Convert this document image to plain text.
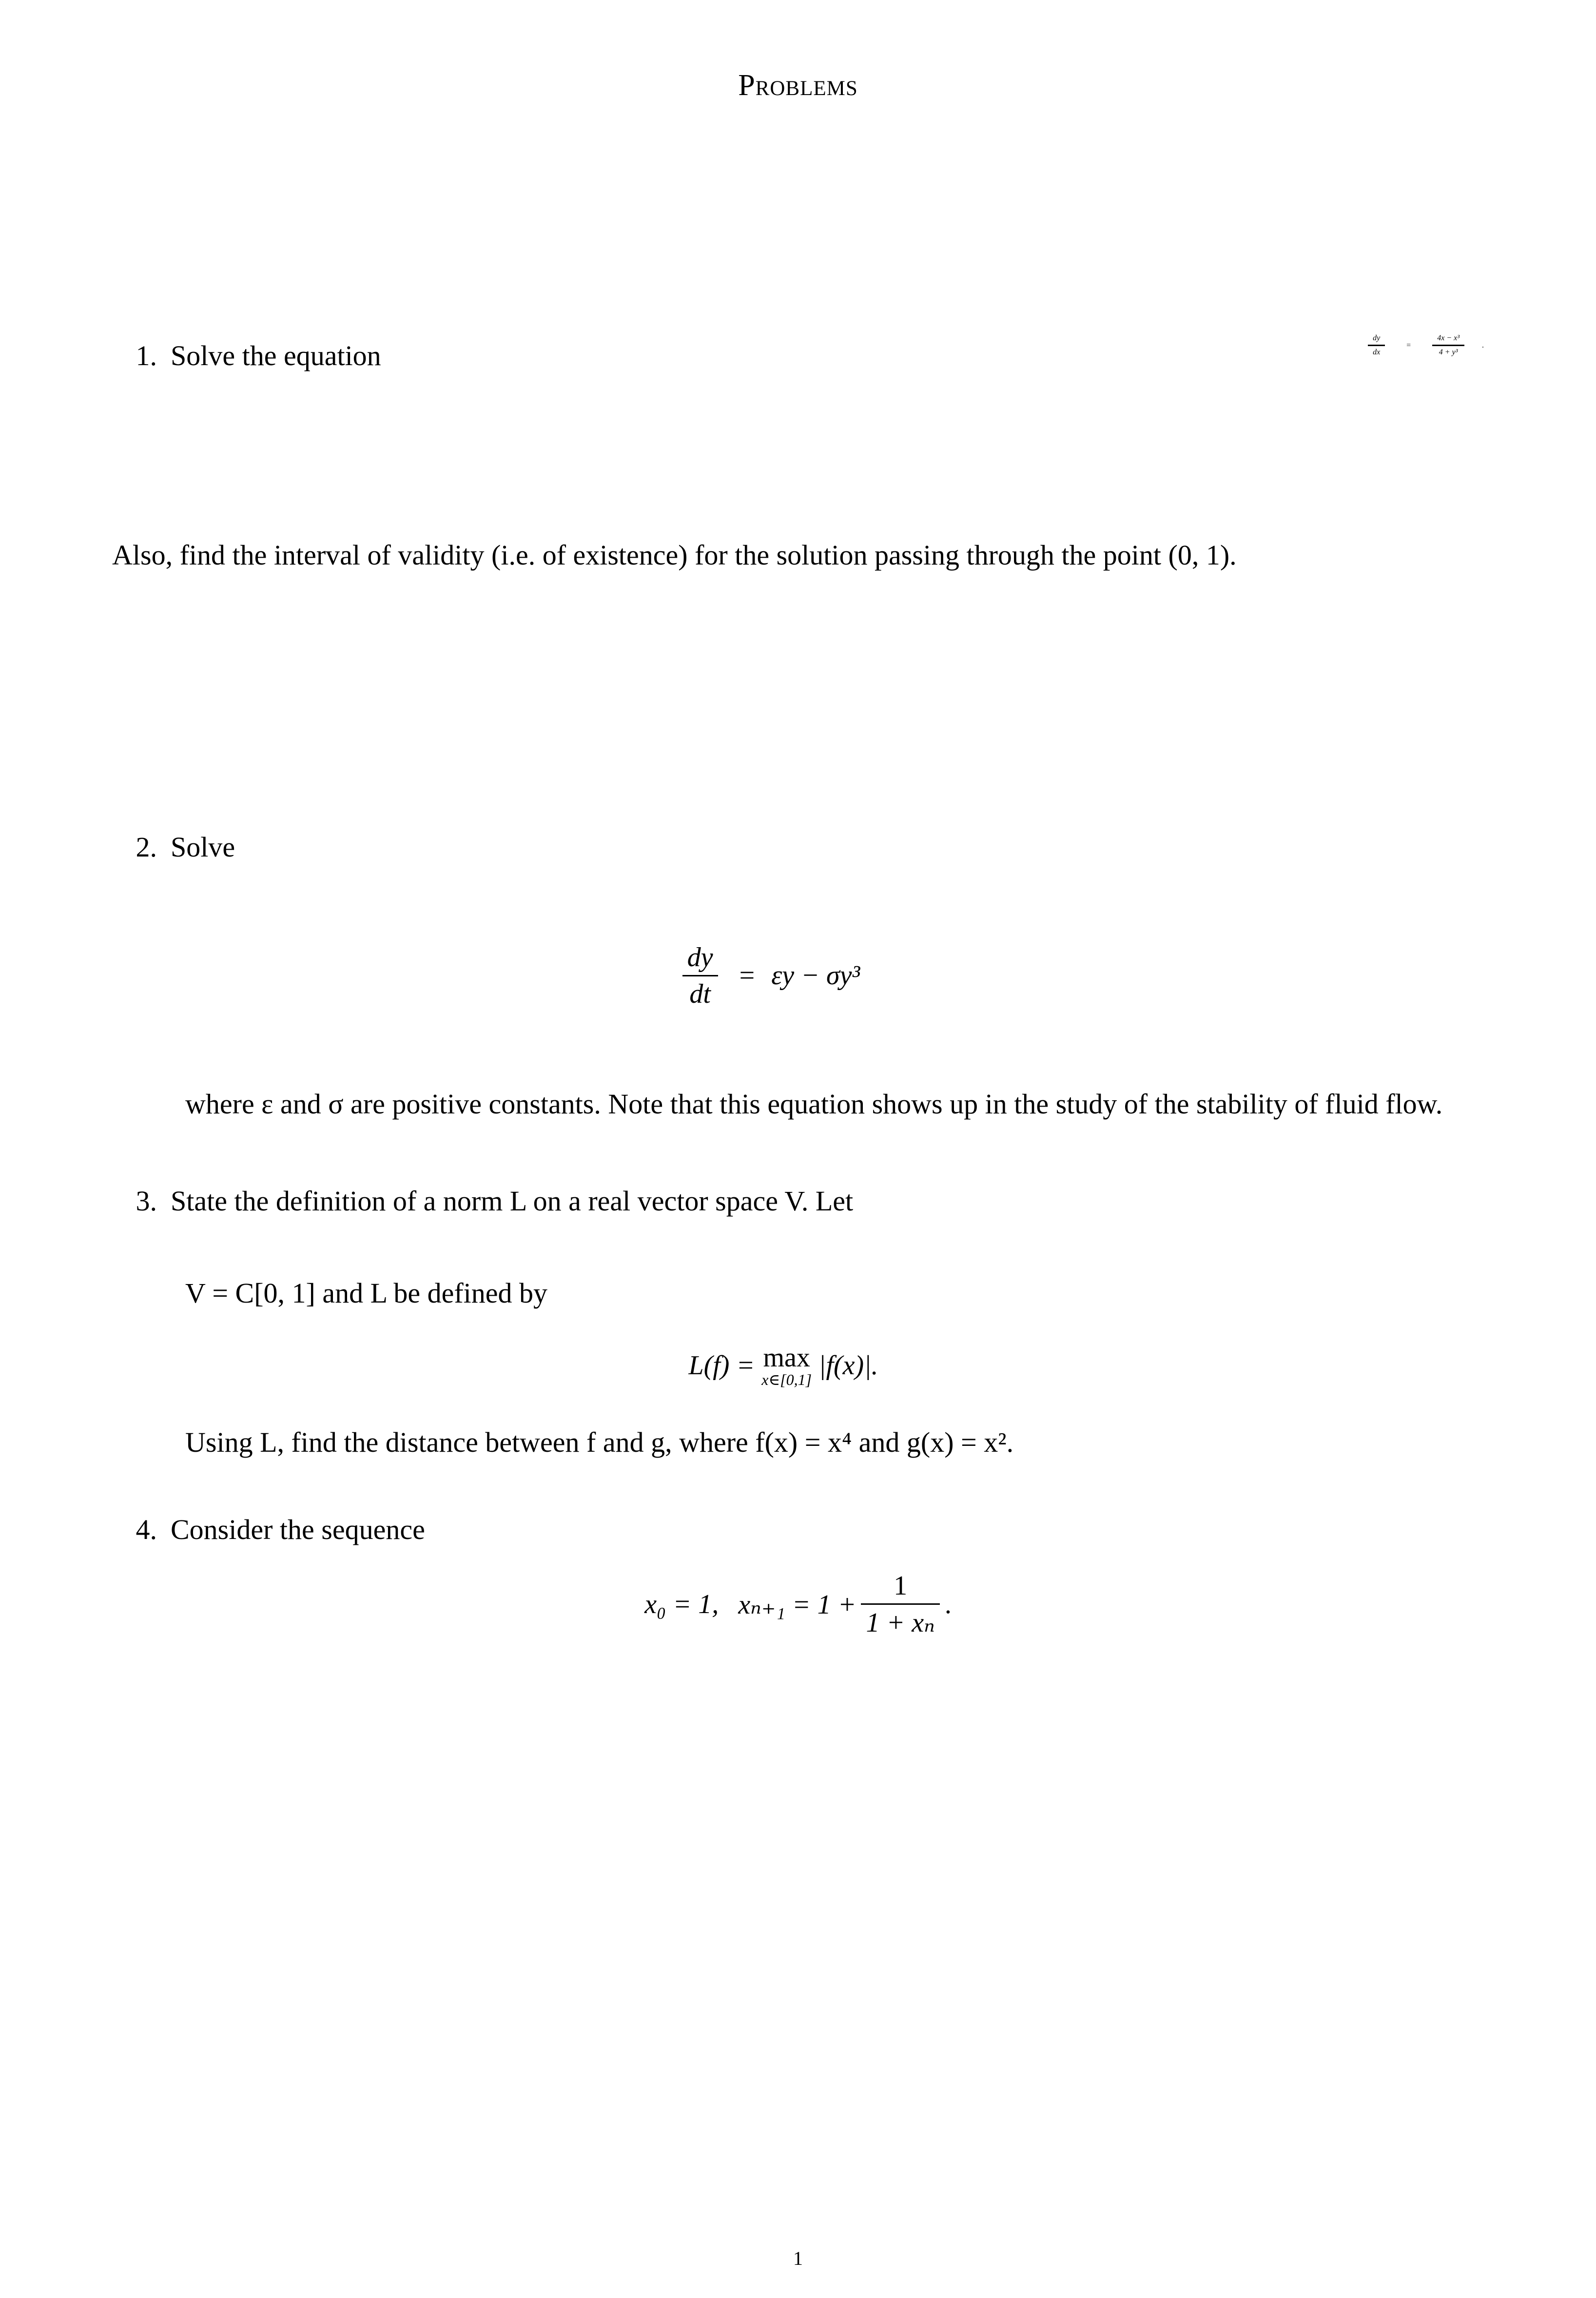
Problems
1. Solve the equation	$\frac{dy}{dx}$	=	$\frac{\text{4x − x³}}{\text{4 + y³}}$ .
Also, find the interval of validity (i.e. of existence) for the solution passing through the point (0, 1).
2. Solve
$\frac{dy}{dt} = \varepsilon y - \sigma y^3$
where ε and σ are positive constants. Note that this equation shows up in the study of the stability of fluid flow.
3. State the definition of a norm L on a real vector space V. Let
V = C[0, 1] and L be defined by
L(f) = max
x∈[0,1] |f(x)|.
Using L, find the distance between f and g, where f(x) = x⁴ and g(x) = x².
4. Consider the sequence
x₀ = 1, $x_{n+1} = 1 + \frac{1}{\text{1 + xₙ}}$ .
1
